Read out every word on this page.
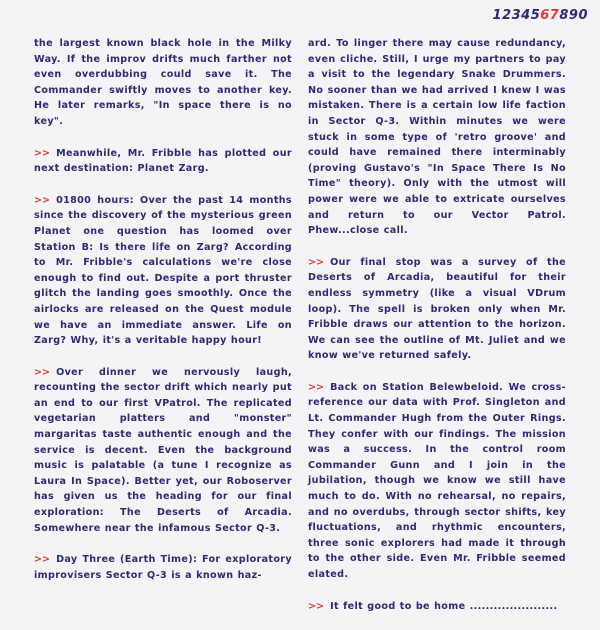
1234567890

the largest known black hole in the Milky Way. If the improv drifts much farther not even overdubbing could save it. The Commander swiftly moves to another key. He later remarks, "In space there is no key".

>> Meanwhile, Mr. Fribble has plotted our next destination: Planet Zarg.

>> 01800 hours: Over the past 14 months since the discovery of the mysterious green Planet one question has loomed over Station B: Is there life on Zarg? According to Mr. Fribble's calculations we're close enough to find out. Despite a port thruster glitch the landing goes smoothly. Once the airlocks are released on the Quest module we have an immediate answer. Life on Zarg? Why, it's a veritable happy hour!

>> Over dinner we nervously laugh, recounting the sector drift which nearly put an end to our first VPatrol. The replicated vegetarian platters and "monster" margaritas taste authentic enough and the service is decent. Even the background music is palatable (a tune I recognize as Laura In Space). Better yet, our Roboserver has given us the heading for our final exploration: The Deserts of Arcadia. Somewhere near the infamous Sector Q-3.

>> Day Three (Earth Time): For exploratory improvisers Sector Q-3 is a known haz-

ard. To linger there may cause redundancy, even cliche. Still, I urge my partners to pay a visit to the legendary Snake Drummers. No sooner than we had arrived I knew I was mistaken. There is a certain low life faction in Sector Q-3. Within minutes we were stuck in some type of 'retro groove' and could have remained there interminably (proving Gustavo's "In Space There Is No Time" theory). Only with the utmost will power were we able to extricate ourselves and return to our Vector Patrol. Phew...close call.

>> Our final stop was a survey of the Deserts of Arcadia, beautiful for their endless symmetry (like a visual VDrum loop). The spell is broken only when Mr. Fribble draws our attention to the horizon. We can see the outline of Mt. Juliet and we know we've returned safely.

>> Back on Station Belewbeloid. We cross-reference our data with Prof. Singleton and Lt. Commander Hugh from the Outer Rings. They confer with our findings. The mission was a success. In the control room Commander Gunn and I join in the jubilation, though we know we still have much to do. With no rehearsal, no repairs, and no overdubs, through sector shifts, key fluctuations, and rhythmic encounters, three sonic explorers had made it through to the other side. Even Mr. Fribble seemed elated.

>> It felt good to be home ......................
